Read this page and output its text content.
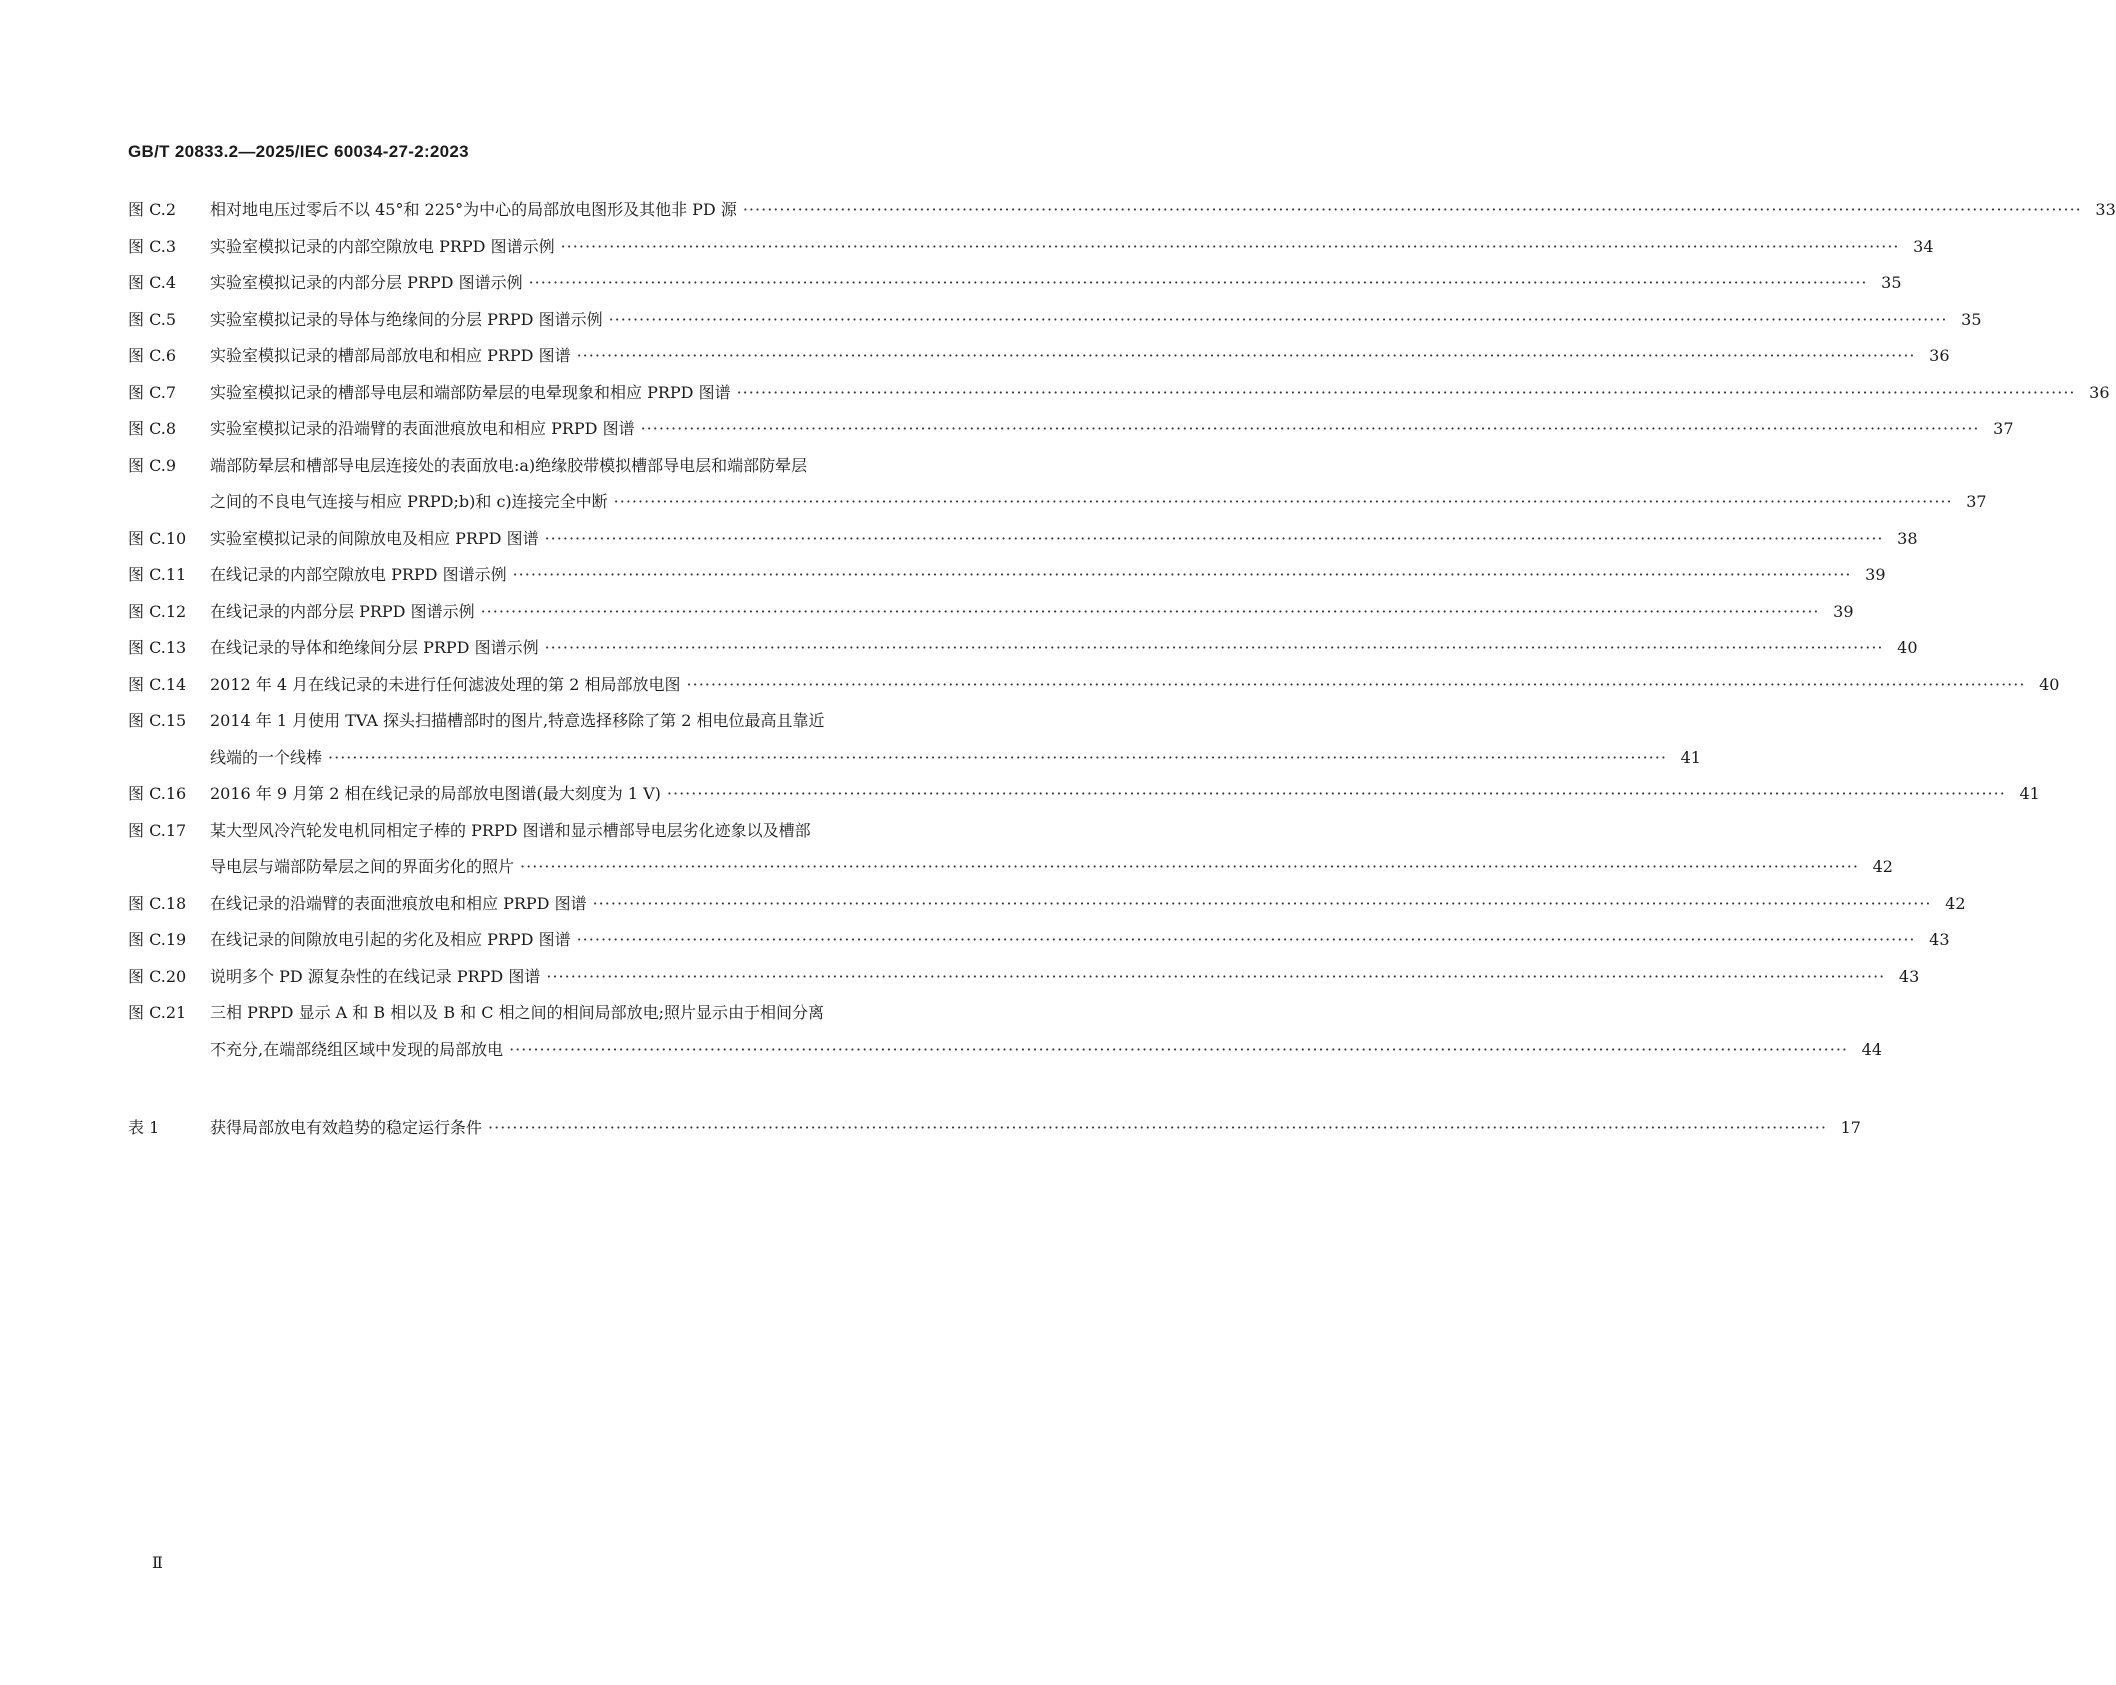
GB/T 20833.2—2025/IEC 60034-27-2:2023
图 C.2	相对地电压过零后不以 45°和 225°为中心的局部放电图形及其他非 PD 源 ···························································································································································································································· 33
图 C.3	实验室模拟记录的内部空隙放电 PRPD 图谱示例 ···························································································································································································································· 34
图 C.4	实验室模拟记录的内部分层 PRPD 图谱示例 ···························································································································································································································· 35
图 C.5	实验室模拟记录的导体与绝缘间的分层 PRPD 图谱示例 ···························································································································································································································· 35
图 C.6	实验室模拟记录的槽部局部放电和相应 PRPD 图谱 ···························································································································································································································· 36
图 C.7	实验室模拟记录的槽部导电层和端部防晕层的电晕现象和相应 PRPD 图谱 ···························································································································································································································· 36
图 C.8	实验室模拟记录的沿端臂的表面泄痕放电和相应 PRPD 图谱 ···························································································································································································································· 37
图 C.9	端部防晕层和槽部导电层连接处的表面放电:a)绝缘胶带模拟槽部导电层和端部防晕层
之间的不良电气连接与相应 PRPD;b)和 c)连接完全中断 ···························································································································································································································· 37
图 C.10	实验室模拟记录的间隙放电及相应 PRPD 图谱 ···························································································································································································································· 38
图 C.11	在线记录的内部空隙放电 PRPD 图谱示例 ···························································································································································································································· 39
图 C.12	在线记录的内部分层 PRPD 图谱示例 ···························································································································································································································· 39
图 C.13	在线记录的导体和绝缘间分层 PRPD 图谱示例 ···························································································································································································································· 40
图 C.14	2012 年 4 月在线记录的未进行任何滤波处理的第 2 相局部放电图 ···························································································································································································································· 40
图 C.15	2014 年 1 月使用 TVA 探头扫描槽部时的图片,特意选择移除了第 2 相电位最高且靠近
线端的一个线棒 ···························································································································································································································· 41
图 C.16	2016 年 9 月第 2 相在线记录的局部放电图谱(最大刻度为 1 V) ···························································································································································································································· 41
图 C.17	某大型风冷汽轮发电机同相定子棒的 PRPD 图谱和显示槽部导电层劣化迹象以及槽部
导电层与端部防晕层之间的界面劣化的照片 ···························································································································································································································· 42
图 C.18	在线记录的沿端臂的表面泄痕放电和相应 PRPD 图谱 ···························································································································································································································· 42
图 C.19	在线记录的间隙放电引起的劣化及相应 PRPD 图谱 ···························································································································································································································· 43
图 C.20	说明多个 PD 源复杂性的在线记录 PRPD 图谱 ···························································································································································································································· 43
图 C.21	三相 PRPD 显示 A 和 B 相以及 B 和 C 相之间的相间局部放电;照片显示由于相间分离
不充分,在端部绕组区域中发现的局部放电 ···························································································································································································································· 44
表 1	获得局部放电有效趋势的稳定运行条件 ···························································································································································································································· 17
Ⅱ
